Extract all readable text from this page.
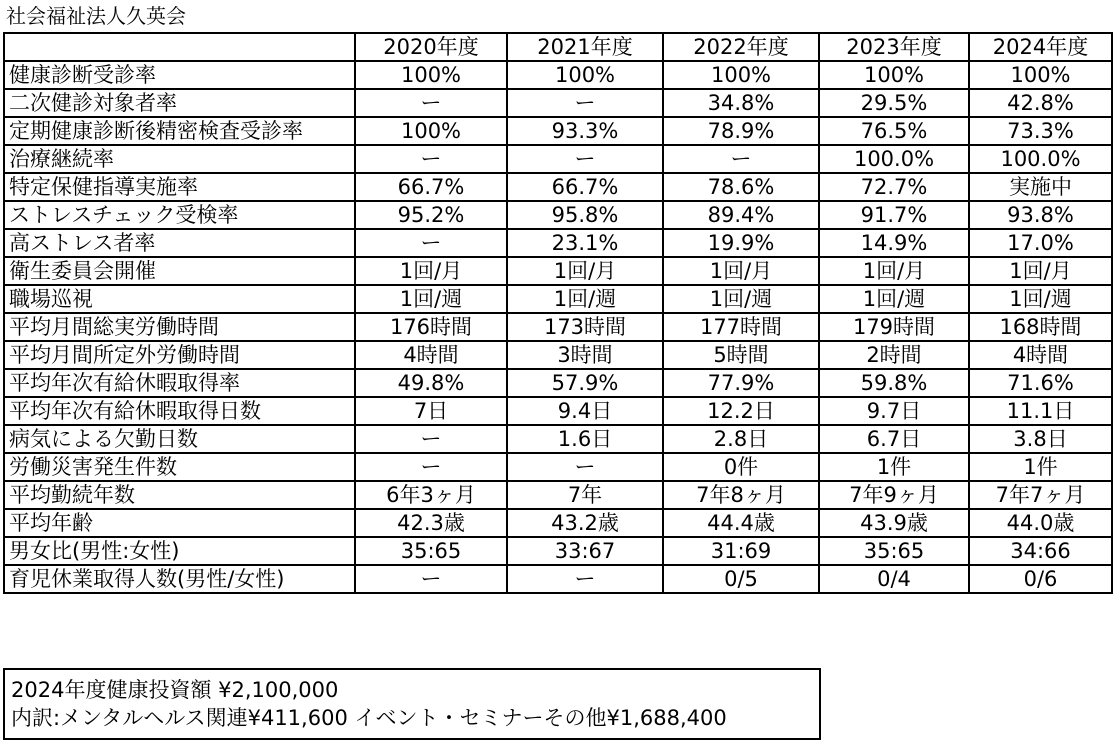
社会福祉法人久英会
	2020年度	2021年度	2022年度	2023年度	2024年度
健康診断受診率	100%	100%	100%	100%	100%
二次健診対象者率	ー	ー	34.8%	29.5%	42.8%
定期健康診断後精密検査受診率	100%	93.3%	78.9%	76.5%	73.3%
治療継続率	ー	ー	ー	100.0%	100.0%
特定保健指導実施率	66.7%	66.7%	78.6%	72.7%	実施中
ストレスチェック受検率	95.2%	95.8%	89.4%	91.7%	93.8%
高ストレス者率	ー	23.1%	19.9%	14.9%	17.0%
衛生委員会開催	1回/月	1回/月	1回/月	1回/月	1回/月
職場巡視	1回/週	1回/週	1回/週	1回/週	1回/週
平均月間総実労働時間	176時間	173時間	177時間	179時間	168時間
平均月間所定外労働時間	4時間	3時間	5時間	2時間	4時間
平均年次有給休暇取得率	49.8%	57.9%	77.9%	59.8%	71.6%
平均年次有給休暇取得日数	7日	9.4日	12.2日	9.7日	11.1日
病気による欠勤日数	ー	1.6日	2.8日	6.7日	3.8日
労働災害発生件数	ー	ー	0件	1件	1件
平均勤続年数	6年3ヶ月	7年	7年8ヶ月	7年9ヶ月	7年7ヶ月
平均年齢	42.3歳	43.2歳	44.4歳	43.9歳	44.0歳
男女比(男性:女性)	35:65	33:67	31:69	35:65	34:66
育児休業取得人数(男性/女性)	ー	ー	0/5	0/4	0/6
2024年度健康投資額 ¥2,100,000
内訳:メンタルヘルス関連¥411,600 イベント・セミナーその他¥1,688,400
